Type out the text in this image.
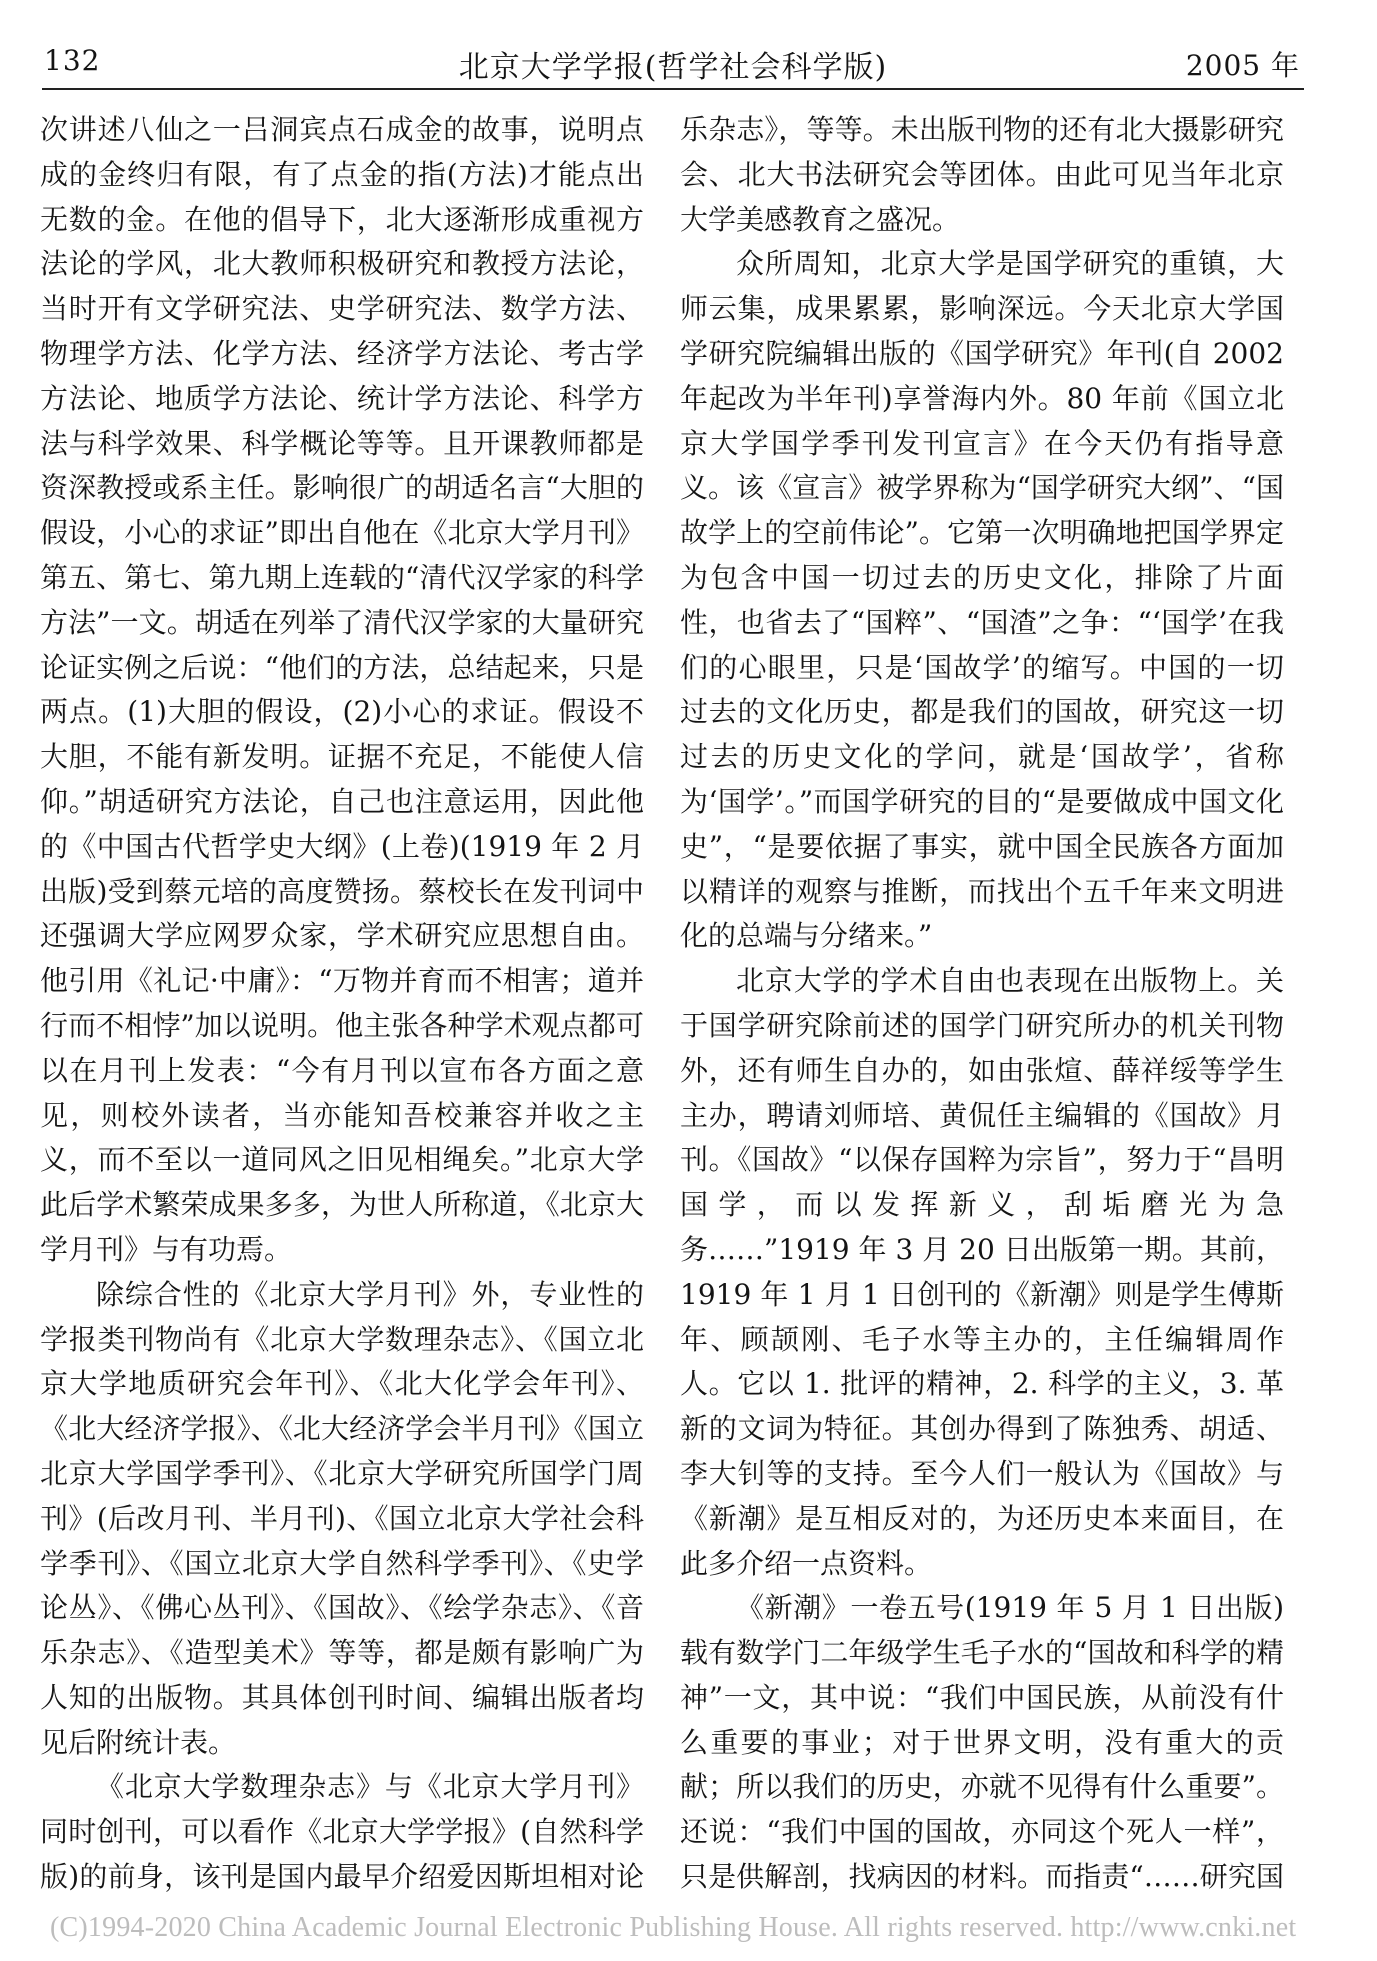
132	北京大学学报(哲学社会科学版)	2005 年

次讲述八仙之一吕洞宾点石成金的故事，说明点成的金终归有限，有了点金的指(方法)才能点出无数的金。在他的倡导下，北大逐渐形成重视方法论的学风，北大教师积极研究和教授方法论，当时开有文学研究法、史学研究法、数学方法、物理学方法、化学方法、经济学方法论、考古学方法论、地质学方法论、统计学方法论、科学方法与科学效果、科学概论等等。且开课教师都是资深教授或系主任。影响很广的胡适名言“大胆的假设，小心的求证”即出自他在《北京大学月刊》第五、第七、第九期上连载的“清代汉学家的科学方法”一文。胡适在列举了清代汉学家的大量研究论证实例之后说：“他们的方法，总结起来，只是两点。(1)大胆的假设，(2)小心的求证。假设不大胆，不能有新发明。证据不充足，不能使人信仰。”胡适研究方法论，自己也注意运用，因此他的《中国古代哲学史大纲》(上卷)(1919 年 2 月出版)受到蔡元培的高度赞扬。蔡校长在发刊词中还强调大学应网罗众家，学术研究应思想自由。他引用《礼记·中庸》：“万物并育而不相害；道并行而不相悖”加以说明。他主张各种学术观点都可以在月刊上发表：“今有月刊以宣布各方面之意见，则校外读者，当亦能知吾校兼容并收之主义，而不至以一道同风之旧见相绳矣。”北京大学此后学术繁荣成果多多，为世人所称道，《北京大学月刊》与有功焉。

除综合性的《北京大学月刊》外，专业性的学报类刊物尚有《北京大学数理杂志》、《国立北京大学地质研究会年刊》、《北大化学会年刊》、《北大经济学报》、《北大经济学会半月刊》《国立北京大学国学季刊》、《北京大学研究所国学门周刊》(后改月刊、半月刊)、《国立北京大学社会科学季刊》、《国立北京大学自然科学季刊》、《史学论丛》、《佛心丛刊》、《国故》、《绘学杂志》、《音乐杂志》、《造型美术》等等，都是颇有影响广为人知的出版物。其具体创刊时间、编辑出版者均见后附统计表。

《北京大学数理杂志》与《北京大学月刊》同时创刊，可以看作《北京大学学报》(自然科学版)的前身，该刊是国内最早介绍爱因斯坦相对论

乐杂志》，等等。未出版刊物的还有北大摄影研究会、北大书法研究会等团体。由此可见当年北京大学美感教育之盛况。

众所周知，北京大学是国学研究的重镇，大师云集，成果累累，影响深远。今天北京大学国学研究院编辑出版的《国学研究》年刊(自 2002 年起改为半年刊)享誉海内外。80 年前《国立北京大学国学季刊发刊宣言》在今天仍有指导意义。该《宣言》被学界称为“国学研究大纲”、“国故学上的空前伟论”。它第一次明确地把国学界定为包含中国一切过去的历史文化，排除了片面性，也省去了“国粹”、“国渣”之争：“‘国学’在我们的心眼里，只是‘国故学’的缩写。中国的一切过去的文化历史，都是我们的国故，研究这一切过去的历史文化的学问，就是‘国故学’，省称为‘国学’。”而国学研究的目的“是要做成中国文化史”，“是要依据了事实，就中国全民族各方面加以精详的观察与推断，而找出个五千年来文明进化的总端与分绪来。”

北京大学的学术自由也表现在出版物上。关于国学研究除前述的国学门研究所办的机关刊物外，还有师生自办的，如由张煊、薛祥绥等学生主办，聘请刘师培、黄侃任主编辑的《国故》月刊。《国故》“以保存国粹为宗旨”，努力于“昌明国学，而以发挥新义，刮垢磨光为急务……”1919 年 3 月 20 日出版第一期。其前，1919 年 1 月 1 日创刊的《新潮》则是学生傅斯年、顾颉刚、毛子水等主办的，主任编辑周作人。它以 1. 批评的精神，2. 科学的主义，3. 革新的文词为特征。其创办得到了陈独秀、胡适、李大钊等的支持。至今人们一般认为《国故》与《新潮》是互相反对的，为还历史本来面目，在此多介绍一点资料。

《新潮》一卷五号(1919 年 5 月 1 日出版)载有数学门二年级学生毛子水的“国故和科学的精神”一文，其中说：“我们中国民族，从前没有什么重要的事业；对于世界文明，没有重大的贡献；所以我们的历史，亦就不见得有什么重要”。还说：“我们中国的国故，亦同这个死人一样”，只是供解剖，找病因的材料。而指责“……研究国

(C)1994-2020 China Academic Journal Electronic Publishing House. All rights reserved. http://www.cnki.net
